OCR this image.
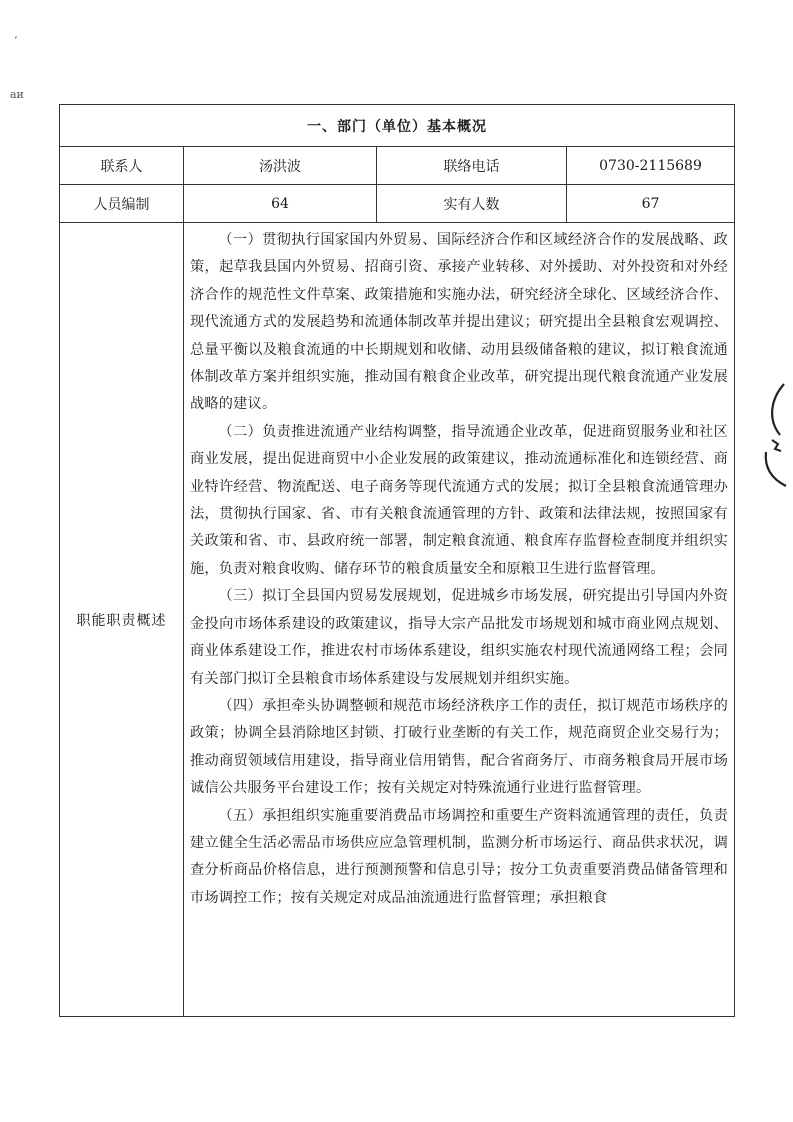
‘
аи
一、部门（单位）基本概况			
联系人	汤洪波	联络电话	0730-2115689
人员编制	64	实有人数	67
职能职责概述	（一）贯彻执行国家国内外贸易、国际经济合作和区域经济合作的发展战略、政策，起草我县国内外贸易、招商引资、承接产业转移、对外援助、对外投资和对外经济合作的规范性文件草案、政策措施和实施办法，研究经济全球化、区域经济合作、现代流通方式的发展趋势和流通体制改革并提出建议；研究提出全县粮食宏观调控、总量平衡以及粮食流通的中长期规划和收储、动用县级储备粮的建议，拟订粮食流通体制改革方案并组织实施，推动国有粮食企业改革，研究提出现代粮食流通产业发展战略的建议。

（二）负责推进流通产业结构调整，指导流通企业改革，促进商贸服务业和社区商业发展，提出促进商贸中小企业发展的政策建议，推动流通标准化和连锁经营、商业特许经营、物流配送、电子商务等现代流通方式的发展；拟订全县粮食流通管理办法，贯彻执行国家、省、市有关粮食流通管理的方针、政策和法律法规，按照国家有关政策和省、市、县政府统一部署，制定粮食流通、粮食库存监督检查制度并组织实施，负责对粮食收购、储存环节的粮食质量安全和原粮卫生进行监督管理。

（三）拟订全县国内贸易发展规划，促进城乡市场发展，研究提出引导国内外资金投向市场体系建设的政策建议，指导大宗产品批发市场规划和城市商业网点规划、商业体系建设工作，推进农村市场体系建设，组织实施农村现代流通网络工程；会同有关部门拟订全县粮食市场体系建设与发展规划并组织实施。

（四）承担牵头协调整顿和规范市场经济秩序工作的责任，拟订规范市场秩序的政策；协调全县消除地区封锁、打破行业垄断的有关工作，规范商贸企业交易行为；推动商贸领域信用建设，指导商业信用销售，配合省商务厅、市商务粮食局开展市场诚信公共服务平台建设工作；按有关规定对特殊流通行业进行监督管理。

（五）承担组织实施重要消费品市场调控和重要生产资料流通管理的责任，负责建立健全生活必需品市场供应应急管理机制，监测分析市场运行、商品供求状况，调查分析商品价格信息，进行预测预警和信息引导；按分工负责重要消费品储备管理和市场调控工作；按有关规定对成品油流通进行监督管理；承担粮食		
